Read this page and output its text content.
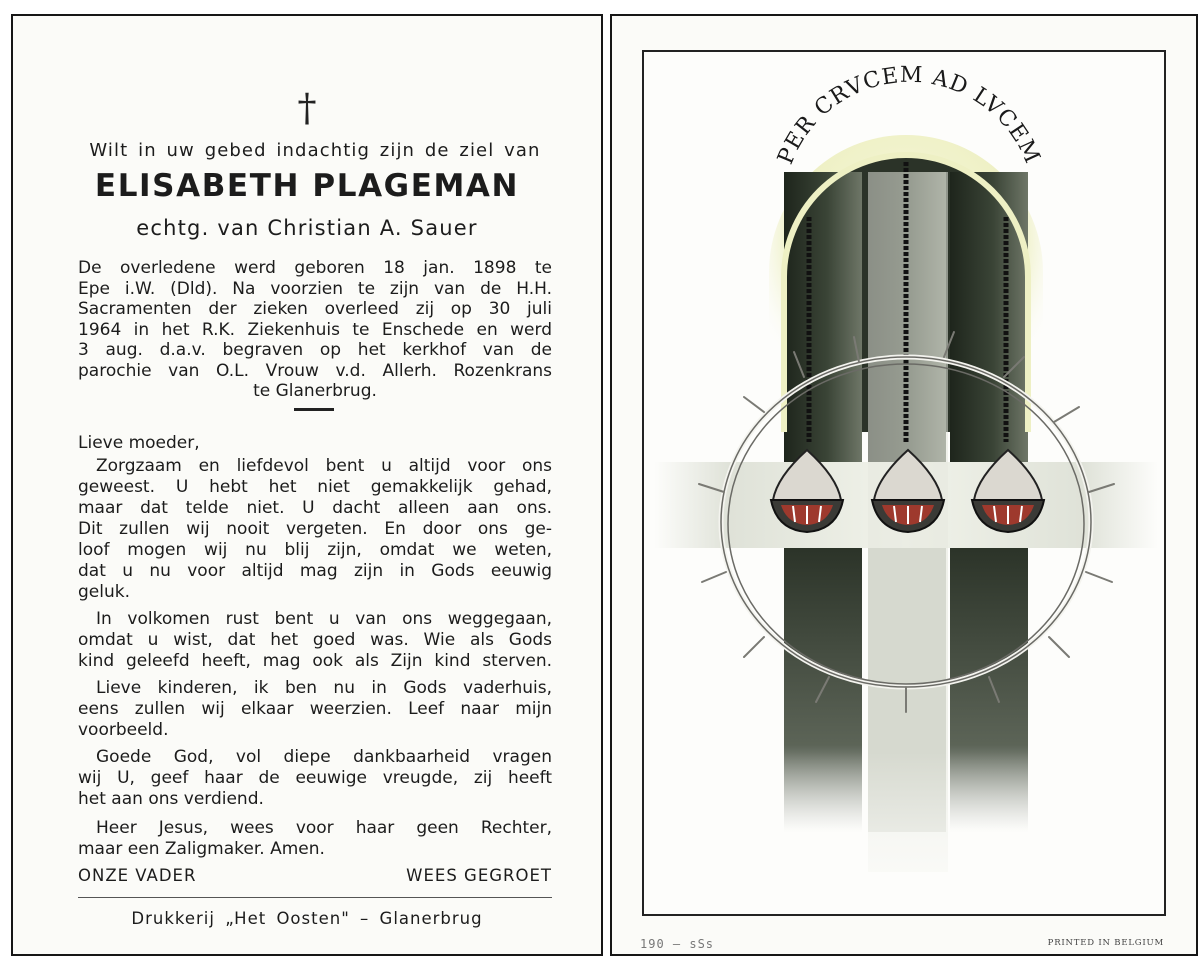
†
Wilt in uw gebed indachtig zijn de ziel van
ELISABETH PLAGEMAN
echtg. van Christian A. Sauer
De overledene werd geboren 18 jan. 1898 te
Epe i.W. (Dld). Na voorzien te zijn van de H.H.
Sacramenten der zieken overleed zij op 30 juli
1964 in het R.K. Ziekenhuis te Enschede en werd
3 aug. d.a.v. begraven op het kerkhof van de
parochie van O.L. Vrouw v.d. Allerh. Rozenkrans
te Glanerbrug.
Lieve moeder,
Zorgzaam en liefdevol bent u altijd voor ons
geweest. U hebt het niet gemakkelijk gehad,
maar dat telde niet. U dacht alleen aan ons.
Dit zullen wij nooit vergeten. En door ons ge-
loof mogen wij nu blij zijn, omdat we weten,
dat u nu voor altijd mag zijn in Gods eeuwig
geluk.
In volkomen rust bent u van ons weggegaan,
omdat u wist, dat het goed was. Wie als Gods
kind geleefd heeft, mag ook als Zijn kind sterven.
Lieve kinderen, ik ben nu in Gods vaderhuis,
eens zullen wij elkaar weerzien. Leef naar mijn
voorbeeld.
Goede God, vol diepe dankbaarheid vragen
wij U, geef haar de eeuwige vreugde, zij heeft
het aan ons verdiend.
Heer Jesus, wees voor haar geen Rechter,
maar een Zaligmaker. Amen.
ONZE VADER	WEES GEGROET
Drukkerij „Het Oosten" – Glanerbrug
PER CRVCEM AD LVCEM
190 — sSs	PRINTED IN BELGIUM
